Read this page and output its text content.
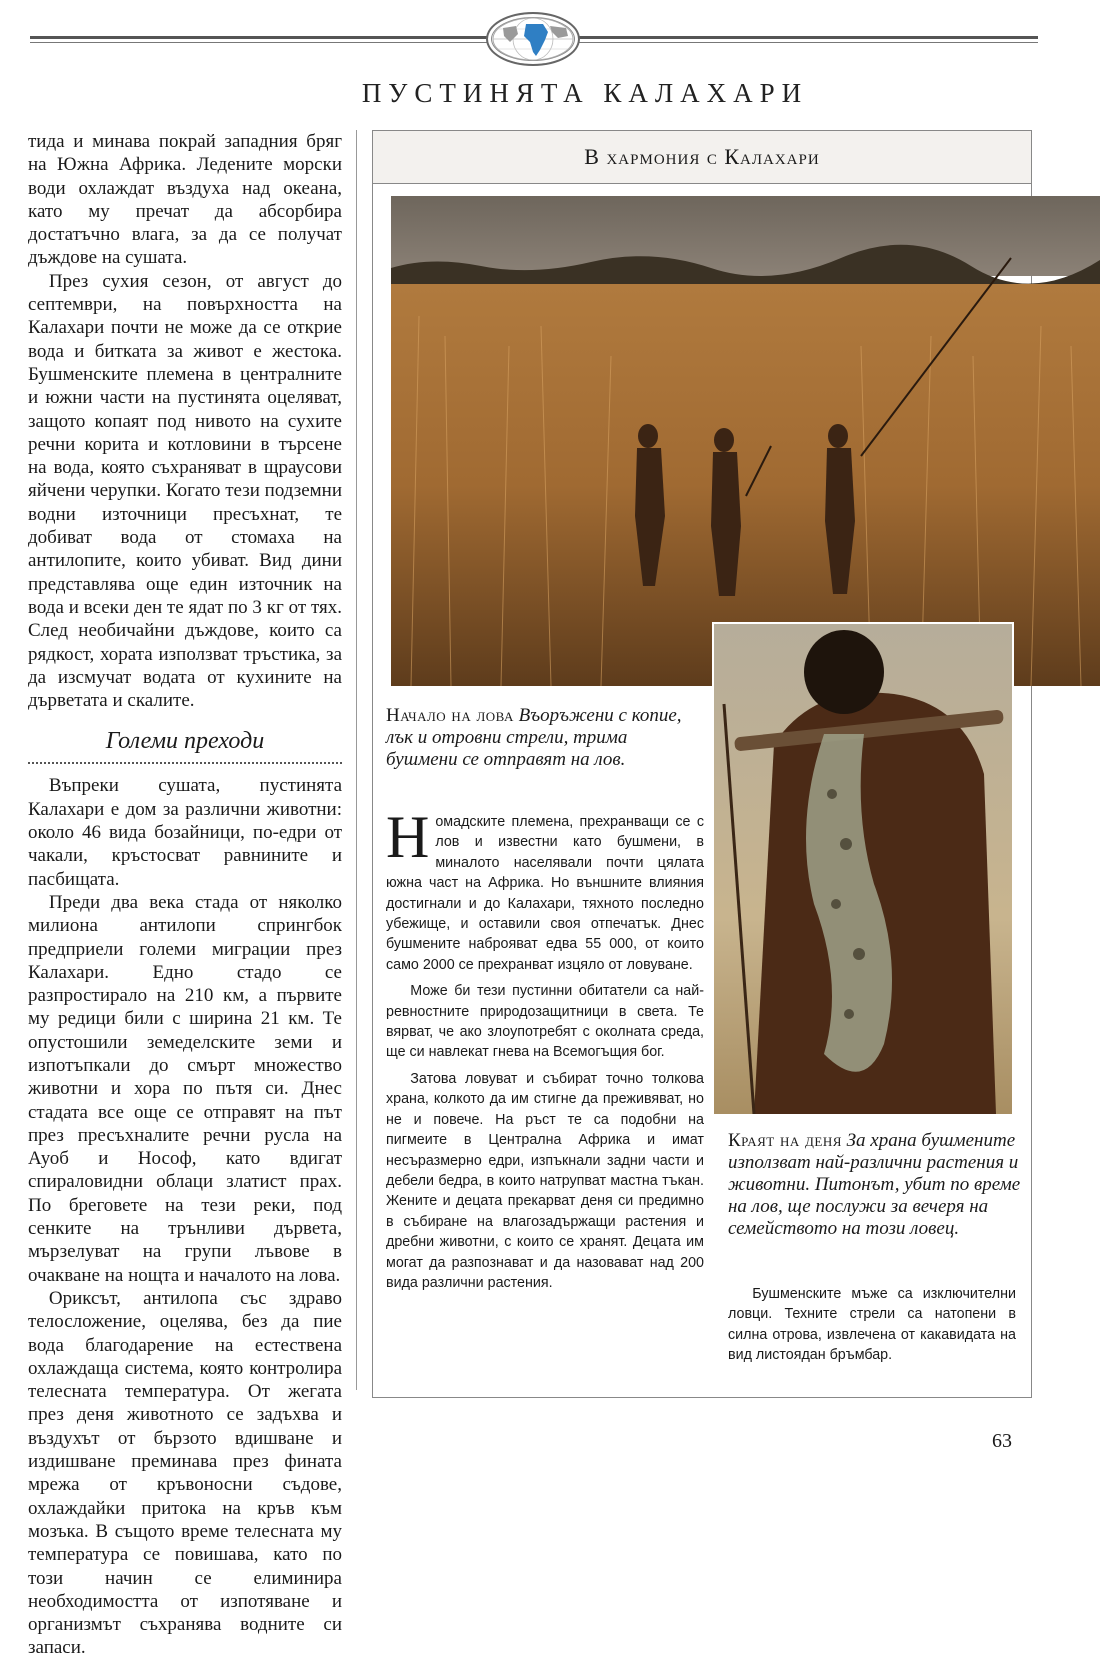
ПУСТИНЯТА КАЛАХАРИ

тида и минава покрай западния бряг на Южна Африка. Ледените морски води охлаждат въздуха над океана, като му пречат да абсорбира достатъчно влага, за да се получат дъждове на сушата.

През сухия сезон, от август до септември, на повърхността на Калахари почти не може да се открие вода и битката за живот е жестока. Бушменските племена в централните и южни части на пустинята оцеляват, защото копаят под нивото на сухите речни корита и котловини в търсене на вода, която съхраняват в щраусови яйчени черупки. Когато тези подземни водни източници пресъхнат, те добиват вода от стомаха на антилопите, които убиват. Вид дини представлява още един източник на вода и всеки ден те ядат по 3 кг от тях. След необичайни дъждове, които са рядкост, хората използват тръстика, за да изсмучат водата от кухините на дърветата и скалите.

Големи преходи

Въпреки сушата, пустинята Калахари е дом за различни животни: около 46 вида бозайници, по-едри от чакали, кръстосват равнините и пасбищата.

Преди два века стада от няколко милиона антилопи спрингбок предприели големи миграции през Калахари. Едно стадо се разпростирало на 210 км, а първите му редици били с ширина 21 км. Те опустошили земеделските земи и изпотъпкали до смърт множество животни и хора по пътя си. Днес стадата все още се отправят на път през пресъхналите речни русла на Ауоб и Нософ, като вдигат спираловидни облаци златист прах. По бреговете на тези реки, под сенките на трънливи дървета, мързелуват на групи лъвове в очакване на нощта и началото на лова.

Ориксът, антилопа със здраво телосложение, оцелява, без да пие вода благодарение на естествена охлаждаща система, която контролира телесната температура. От жегата през деня животното се задъхва и въздухът от бързото вдишване и издишване преминава през фината мрежа от кръвоносни съдове, охлаждайки притока на кръв към мозъка. В същото време телесната му температура се повишава, като по този начин се елиминира необходимостта от изпотяване и организмът съхранява водните си запаси.

В хармония с Калахари
Начало на лова Въоръжени с копие, лък и отровни стрели, трима бушмени се отправят на лов.

Номадските племена, прехранващи се с лов и известни като бушмени, в миналото населявали почти цялата южна част на Африка. Но външните влияния достигнали и до Калахари, тяхното последно убежище, и оставили своя отпечатък. Днес бушмените наброяват едва 55 000, от които само 2000 се прехранват изцяло от ловуване.

Може би тези пустинни обитатели са най-ревностните природозащитници в света. Те вярват, че ако злоупотребят с околната среда, ще си навлекат гнева на Всемогъщия бог.

Затова ловуват и събират точно толкова храна, колкото да им стигне да преживяват, но не и повече. На ръст те са подобни на пигмеите в Централна Африка и имат несъразмерно едри, изпъкнали задни части и дебели бедра, в които натрупват мастна тъкан. Жените и децата прекарват деня си предимно в събиране на влагозадържащи растения и дребни животни, с които се хранят. Децата им могат да разпознават и да назовават над 200 вида различни растения.

Краят на деня За храна бушмените използват най-различни растения и животни. Питонът, убит по време на лов, ще послужи за вечеря на семейството на този ловец.

Бушменските мъже са изключителни ловци. Техните стрели са натопени в силна отрова, извлечена от какавидата на вид листоядан бръмбар.

63
